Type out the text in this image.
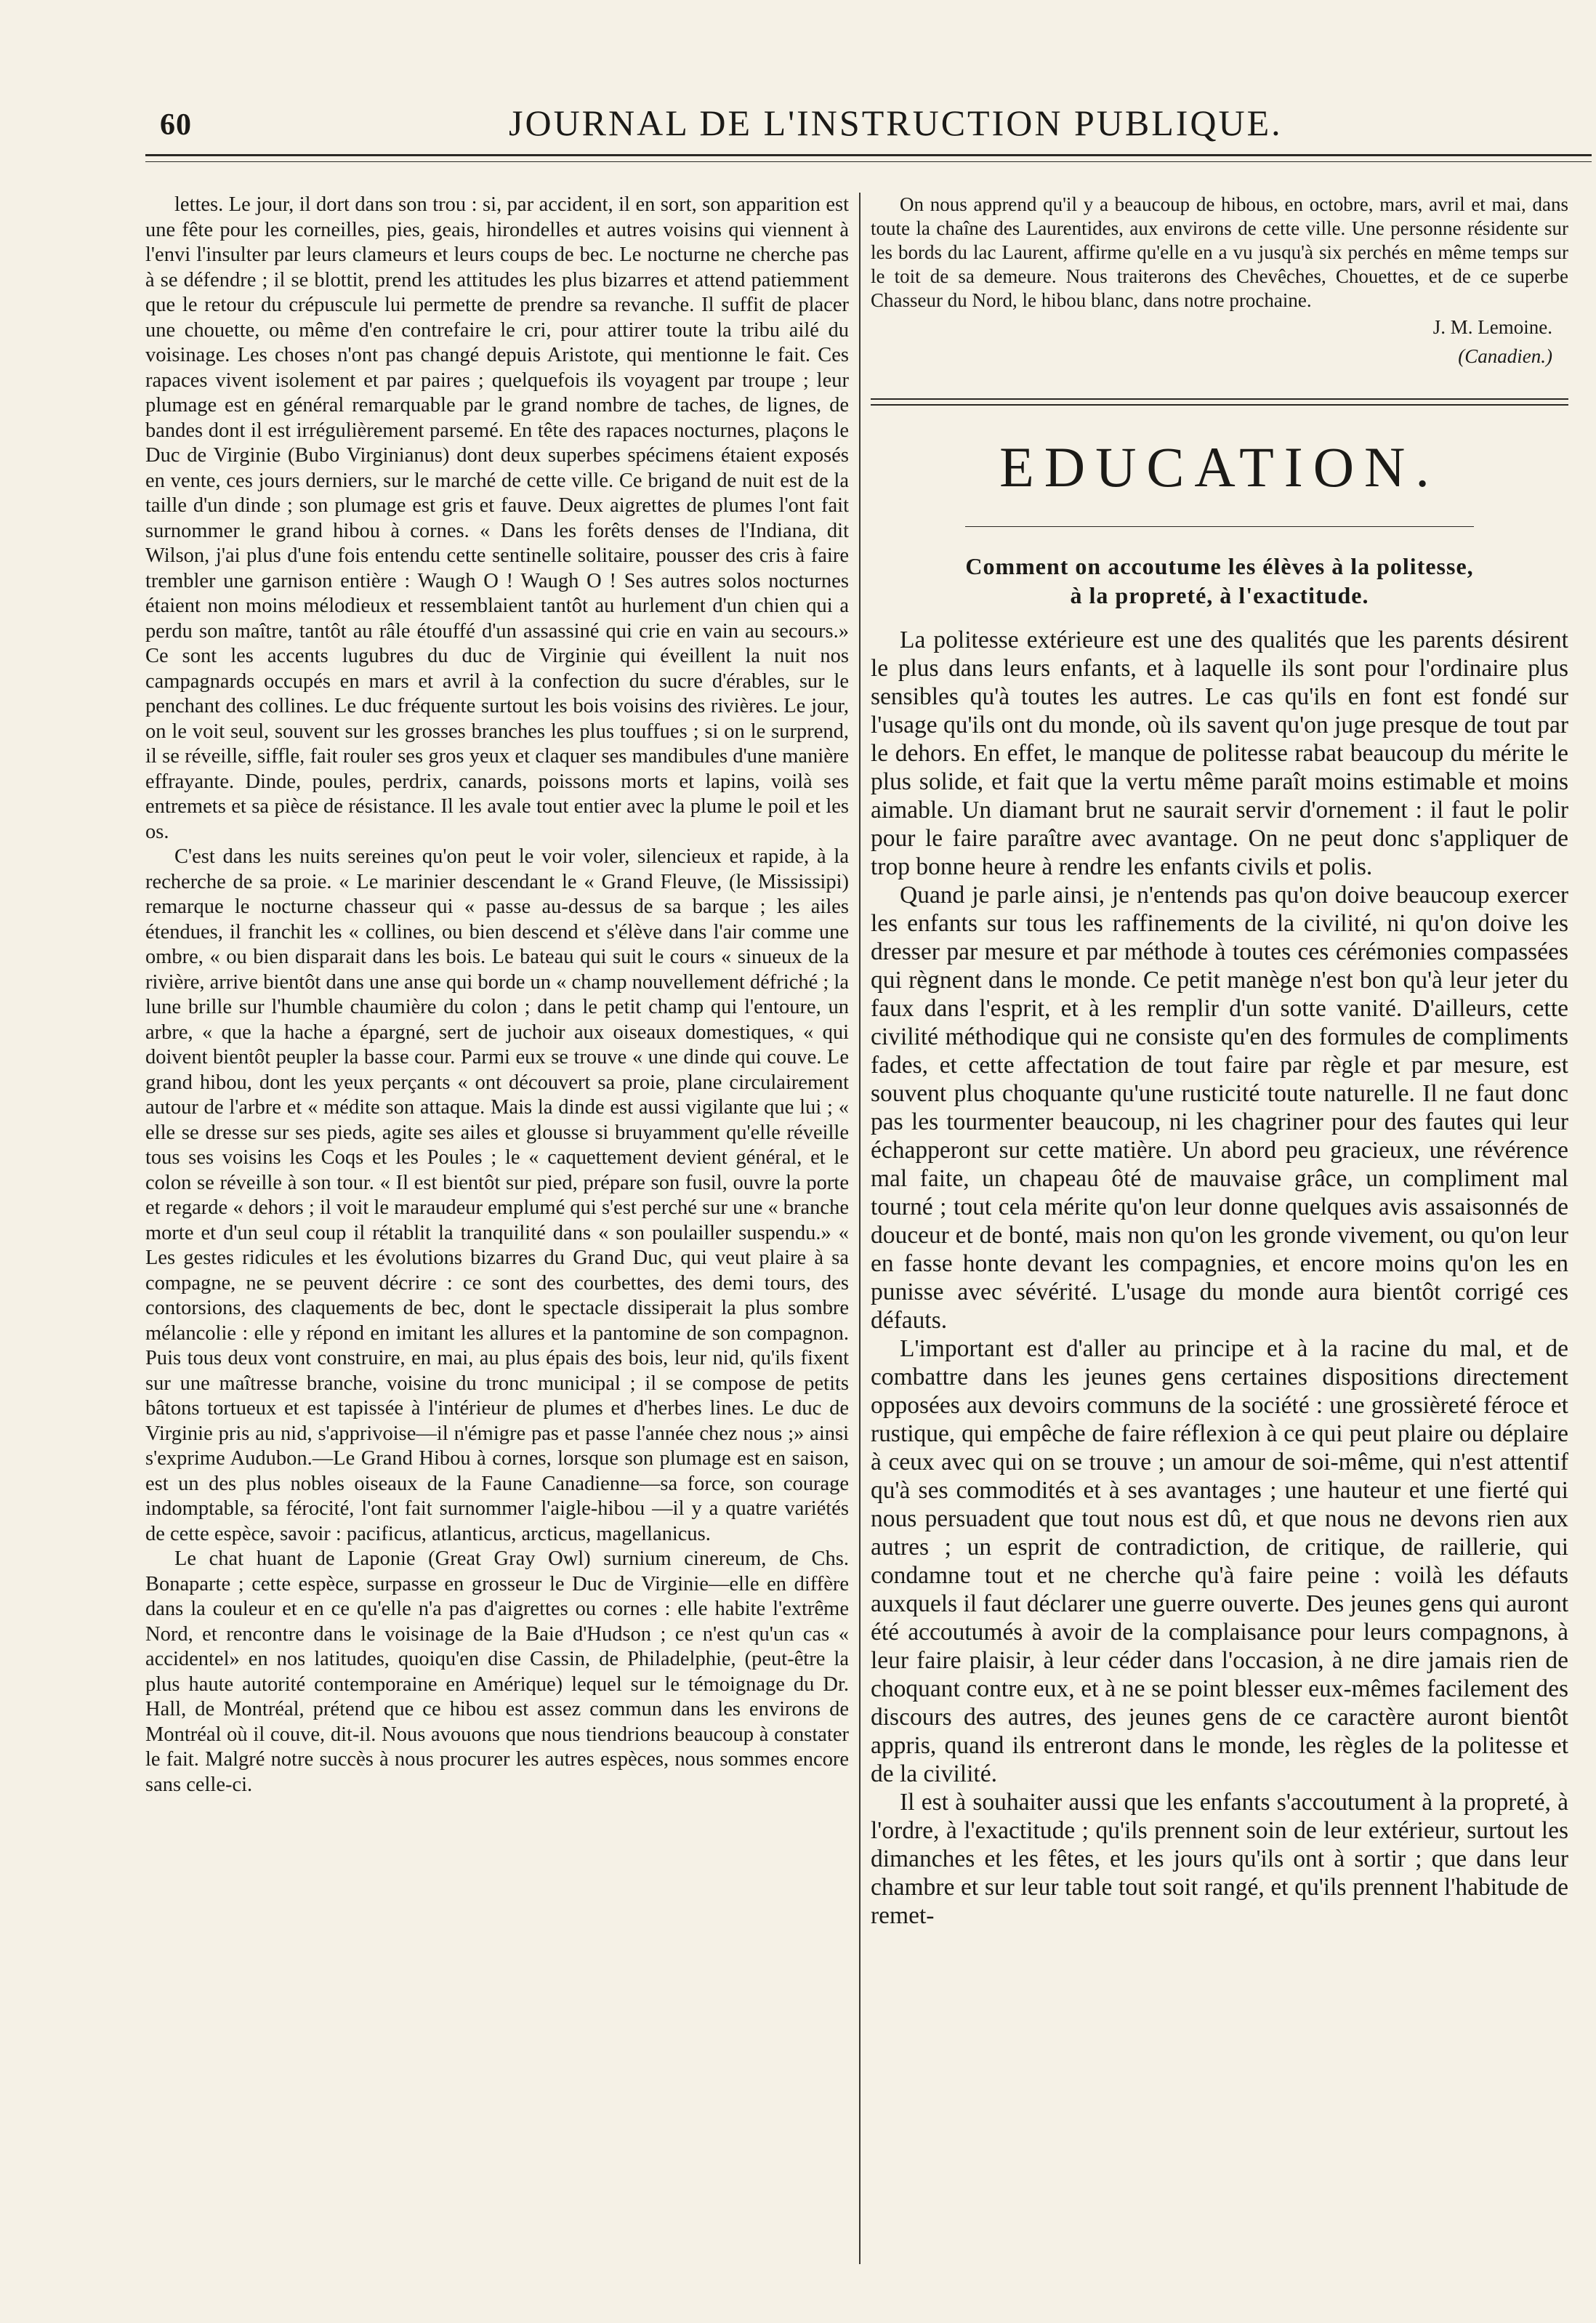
60	JOURNAL DE L'INSTRUCTION PUBLIQUE.

lettes. Le jour, il dort dans son trou : si, par accident, il en sort, son apparition est une fête pour les corneilles, pies, geais, hirondelles et autres voisins qui viennent à l'envi l'insulter par leurs clameurs et leurs coups de bec. Le nocturne ne cherche pas à se défendre ; il se blottit, prend les attitudes les plus bizarres et attend patiemment que le retour du crépuscule lui permette de prendre sa revanche. Il suffit de placer une chouette, ou même d'en contrefaire le cri, pour attirer toute la tribu ailé du voisinage. Les choses n'ont pas changé depuis Aristote, qui mentionne le fait. Ces rapaces vivent isolement et par paires ; quelquefois ils voyagent par troupe ; leur plumage est en général remarquable par le grand nombre de taches, de lignes, de bandes dont il est irrégulièrement parsemé. En tête des rapaces nocturnes, plaçons le Duc de Virginie (Bubo Virginianus) dont deux superbes spécimens étaient exposés en vente, ces jours derniers, sur le marché de cette ville. Ce brigand de nuit est de la taille d'un dinde ; son plumage est gris et fauve. Deux aigrettes de plumes l'ont fait surnommer le grand hibou à cornes. « Dans les forêts denses de l'Indiana, dit Wilson, j'ai plus d'une fois entendu cette sentinelle solitaire, pousser des cris à faire trembler une garnison entière : Waugh O ! Waugh O ! Ses autres solos nocturnes étaient non moins mélodieux et ressemblaient tantôt au hurlement d'un chien qui a perdu son maître, tantôt au râle étouffé d'un assassiné qui crie en vain au secours.» Ce sont les accents lugubres du duc de Virginie qui éveillent la nuit nos campagnards occupés en mars et avril à la confection du sucre d'érables, sur le penchant des collines. Le duc fréquente surtout les bois voisins des rivières. Le jour, on le voit seul, souvent sur les grosses branches les plus touffues ; si on le surprend, il se réveille, siffle, fait rouler ses gros yeux et claquer ses mandibules d'une manière effrayante. Dinde, poules, perdrix, canards, poissons morts et lapins, voilà ses entremets et sa pièce de résistance. Il les avale tout entier avec la plume le poil et les os.

C'est dans les nuits sereines qu'on peut le voir voler, silencieux et rapide, à la recherche de sa proie. « Le marinier descendant le « Grand Fleuve, (le Mississipi) remarque le nocturne chasseur qui « passe au-dessus de sa barque ; les ailes étendues, il franchit les « collines, ou bien descend et s'élève dans l'air comme une ombre, « ou bien disparait dans les bois. Le bateau qui suit le cours « sinueux de la rivière, arrive bientôt dans une anse qui borde un « champ nouvellement défriché ; la lune brille sur l'humble chaumière du colon ; dans le petit champ qui l'entoure, un arbre, « que la hache a épargné, sert de juchoir aux oiseaux domestiques, « qui doivent bientôt peupler la basse cour. Parmi eux se trouve « une dinde qui couve. Le grand hibou, dont les yeux perçants « ont découvert sa proie, plane circulairement autour de l'arbre et « médite son attaque. Mais la dinde est aussi vigilante que lui ; « elle se dresse sur ses pieds, agite ses ailes et glousse si bruyamment qu'elle réveille tous ses voisins les Coqs et les Poules ; le « caquettement devient général, et le colon se réveille à son tour. « Il est bientôt sur pied, prépare son fusil, ouvre la porte et regarde « dehors ; il voit le maraudeur emplumé qui s'est perché sur une « branche morte et d'un seul coup il rétablit la tranquilité dans « son poulailler suspendu.» « Les gestes ridicules et les évolutions bizarres du Grand Duc, qui veut plaire à sa compagne, ne se peuvent décrire : ce sont des courbettes, des demi tours, des contorsions, des claquements de bec, dont le spectacle dissiperait la plus sombre mélancolie : elle y répond en imitant les allures et la pantomine de son compagnon. Puis tous deux vont construire, en mai, au plus épais des bois, leur nid, qu'ils fixent sur une maîtresse branche, voisine du tronc municipal ; il se compose de petits bâtons tortueux et est tapissée à l'intérieur de plumes et d'herbes lines. Le duc de Virginie pris au nid, s'apprivoise—il n'émigre pas et passe l'année chez nous ;» ainsi s'exprime Audubon.—Le Grand Hibou à cornes, lorsque son plumage est en saison, est un des plus nobles oiseaux de la Faune Canadienne—sa force, son courage indomptable, sa férocité, l'ont fait surnommer l'aigle-hibou —il y a quatre variétés de cette espèce, savoir : pacificus, atlanticus, arcticus, magellanicus.

Le chat huant de Laponie (Great Gray Owl) surnium cinereum, de Chs. Bonaparte ; cette espèce, surpasse en grosseur le Duc de Virginie—elle en diffère dans la couleur et en ce qu'elle n'a pas d'aigrettes ou cornes : elle habite l'extrême Nord, et rencontre dans le voisinage de la Baie d'Hudson ; ce n'est qu'un cas « accidentel» en nos latitudes, quoiqu'en dise Cassin, de Philadelphie, (peut-être la plus haute autorité contemporaine en Amérique) lequel sur le témoignage du Dr. Hall, de Montréal, prétend que ce hibou est assez commun dans les environs de Montréal où il couve, dit-il. Nous avouons que nous tiendrions beaucoup à constater le fait. Malgré notre succès à nous procurer les autres espèces, nous sommes encore sans celle-ci.

On nous apprend qu'il y a beaucoup de hibous, en octobre, mars, avril et mai, dans toute la chaîne des Laurentides, aux environs de cette ville. Une personne résidente sur les bords du lac Laurent, affirme qu'elle en a vu jusqu'à six perchés en même temps sur le toit de sa demeure. Nous traiterons des Chevêches, Chouettes, et de ce superbe Chasseur du Nord, le hibou blanc, dans notre prochaine.

J. M. Lemoine.
(Canadien.)
EDUCATION.
Comment on accoutume les élèves à la politesse,
à la propreté, à l'exactitude.

La politesse extérieure est une des qualités que les parents désirent le plus dans leurs enfants, et à laquelle ils sont pour l'ordinaire plus sensibles qu'à toutes les autres. Le cas qu'ils en font est fondé sur l'usage qu'ils ont du monde, où ils savent qu'on juge presque de tout par le dehors. En effet, le manque de politesse rabat beaucoup du mérite le plus solide, et fait que la vertu même paraît moins estimable et moins aimable. Un diamant brut ne saurait servir d'ornement : il faut le polir pour le faire paraître avec avantage. On ne peut donc s'appliquer de trop bonne heure à rendre les enfants civils et polis.

Quand je parle ainsi, je n'entends pas qu'on doive beaucoup exercer les enfants sur tous les raffinements de la civilité, ni qu'on doive les dresser par mesure et par méthode à toutes ces cérémonies compassées qui règnent dans le monde. Ce petit manège n'est bon qu'à leur jeter du faux dans l'esprit, et à les remplir d'un sotte vanité. D'ailleurs, cette civilité méthodique qui ne consiste qu'en des formules de compliments fades, et cette affectation de tout faire par règle et par mesure, est souvent plus choquante qu'une rusticité toute naturelle. Il ne faut donc pas les tourmenter beaucoup, ni les chagriner pour des fautes qui leur échapperont sur cette matière. Un abord peu gracieux, une révérence mal faite, un chapeau ôté de mauvaise grâce, un compliment mal tourné ; tout cela mérite qu'on leur donne quelques avis assaisonnés de douceur et de bonté, mais non qu'on les gronde vivement, ou qu'on leur en fasse honte devant les compagnies, et encore moins qu'on les en punisse avec sévérité. L'usage du monde aura bientôt corrigé ces défauts.

L'important est d'aller au principe et à la racine du mal, et de combattre dans les jeunes gens certaines dispositions directement opposées aux devoirs communs de la société : une grossièreté féroce et rustique, qui empêche de faire réflexion à ce qui peut plaire ou déplaire à ceux avec qui on se trouve ; un amour de soi-même, qui n'est attentif qu'à ses commodités et à ses avantages ; une hauteur et une fierté qui nous persuadent que tout nous est dû, et que nous ne devons rien aux autres ; un esprit de contradiction, de critique, de raillerie, qui condamne tout et ne cherche qu'à faire peine : voilà les défauts auxquels il faut déclarer une guerre ouverte. Des jeunes gens qui auront été accoutumés à avoir de la complaisance pour leurs compagnons, à leur faire plaisir, à leur céder dans l'occasion, à ne dire jamais rien de choquant contre eux, et à ne se point blesser eux-mêmes facilement des discours des autres, des jeunes gens de ce caractère auront bientôt appris, quand ils entreront dans le monde, les règles de la politesse et de la civilité.

Il est à souhaiter aussi que les enfants s'accoutument à la propreté, à l'ordre, à l'exactitude ; qu'ils prennent soin de leur extérieur, surtout les dimanches et les fêtes, et les jours qu'ils ont à sortir ; que dans leur chambre et sur leur table tout soit rangé, et qu'ils prennent l'habitude de remet-
